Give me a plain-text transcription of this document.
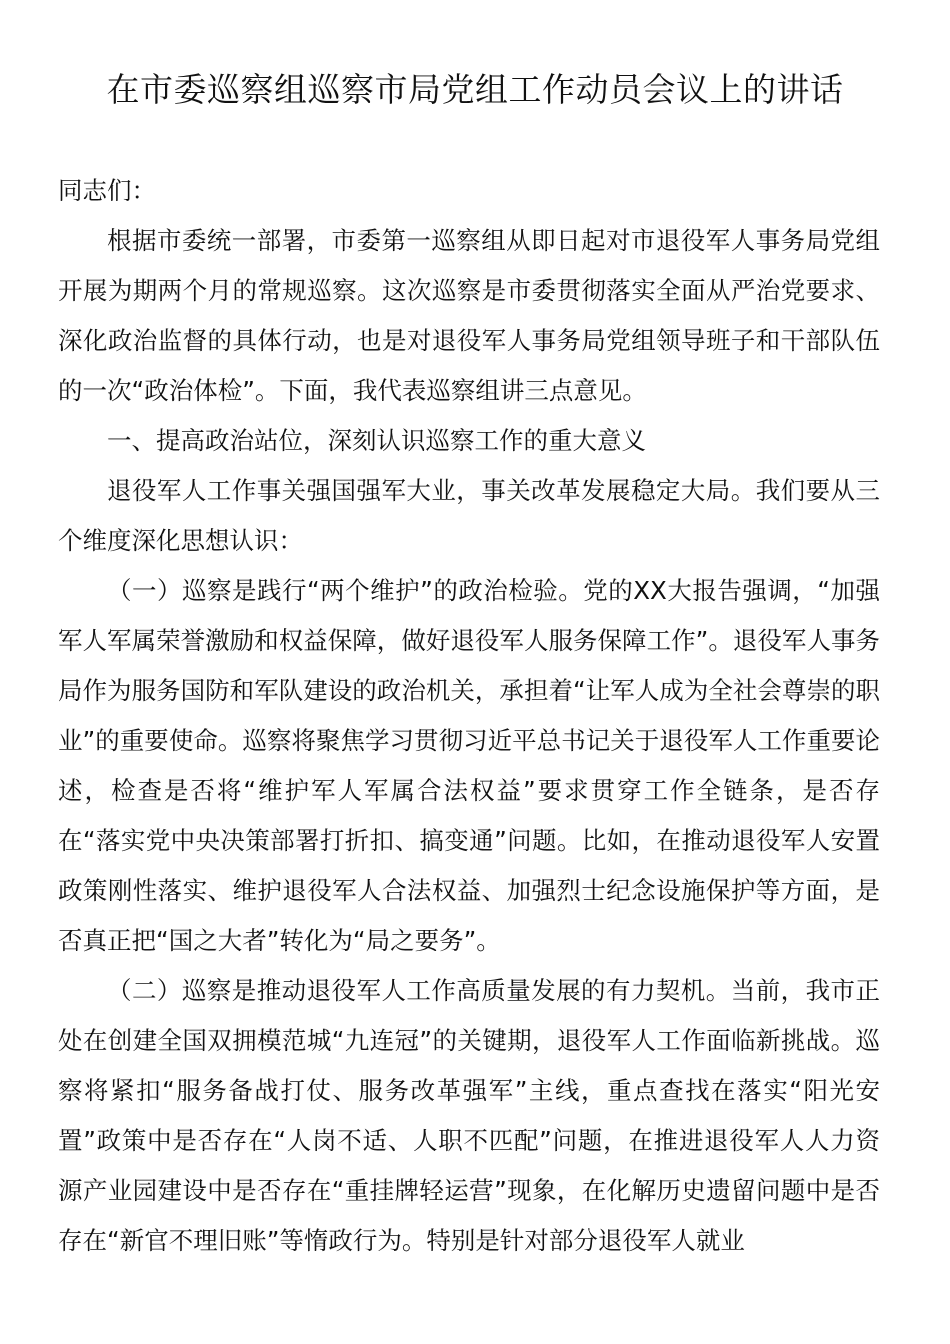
在市委巡察组巡察市局党组工作动员会议上的讲话

同志们：

根据市委统一部署，市委第一巡察组从即日起对市退役军人事务局党组开展为期两个月的常规巡察。这次巡察是市委贯彻落实全面从严治党要求、深化政治监督的具体行动，也是对退役军人事务局党组领导班子和干部队伍的一次“政治体检”。下面，我代表巡察组讲三点意见。

一、提高政治站位，深刻认识巡察工作的重大意义

退役军人工作事关强国强军大业，事关改革发展稳定大局。我们要从三个维度深化思想认识：

（一）巡察是践行“两个维护”的政治检验。党的XX大报告强调，“加强军人军属荣誉激励和权益保障，做好退役军人服务保障工作”。退役军人事务局作为服务国防和军队建设的政治机关，承担着“让军人成为全社会尊崇的职业”的重要使命。巡察将聚焦学习贯彻习近平总书记关于退役军人工作重要论述，检查是否将“维护军人军属合法权益”要求贯穿工作全链条，是否存在“落实党中央决策部署打折扣、搞变通”问题。比如，在推动退役军人安置政策刚性落实、维护退役军人合法权益、加强烈士纪念设施保护等方面，是否真正把“国之大者”转化为“局之要务”。

（二）巡察是推动退役军人工作高质量发展的有力契机。当前，我市正处在创建全国双拥模范城“九连冠”的关键期，退役军人工作面临新挑战。巡察将紧扣“服务备战打仗、服务改革强军”主线，重点查找在落实“阳光安置”政策中是否存在“人岗不适、人职不匹配”问题，在推进退役军人人力资源产业园建设中是否存在“重挂牌轻运营”现象，在化解历史遗留问题中是否存在“新官不理旧账”等惰政行为。特别是针对部分退役军人就业
